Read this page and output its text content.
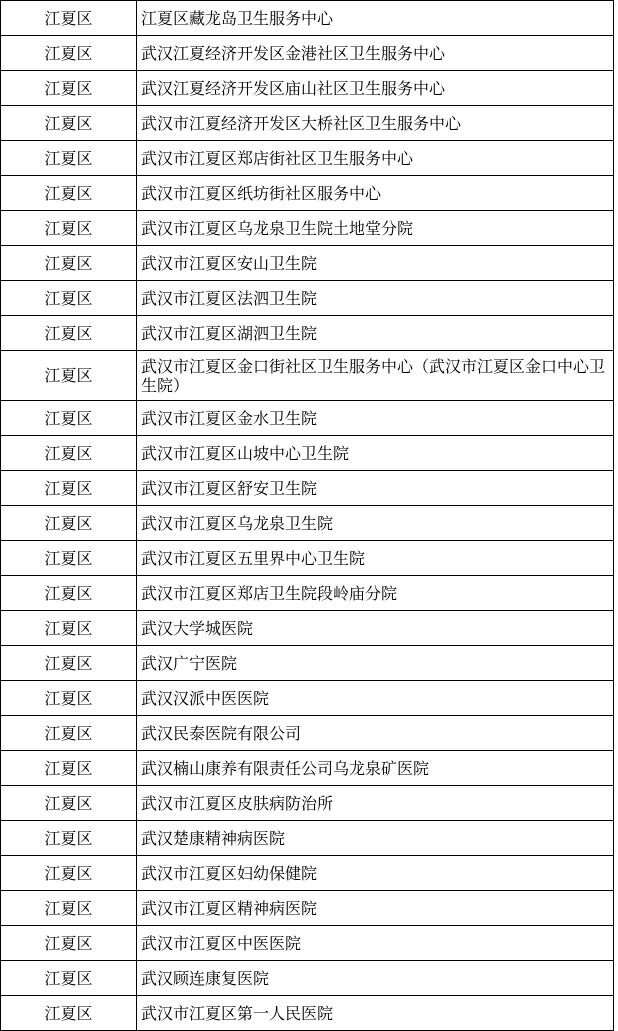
江夏区	江夏区藏龙岛卫生服务中心
江夏区	武汉江夏经济开发区金港社区卫生服务中心
江夏区	武汉江夏经济开发区庙山社区卫生服务中心
江夏区	武汉市江夏经济开发区大桥社区卫生服务中心
江夏区	武汉市江夏区郑店街社区卫生服务中心
江夏区	武汉市江夏区纸坊街社区服务中心
江夏区	武汉市江夏区乌龙泉卫生院土地堂分院
江夏区	武汉市江夏区安山卫生院
江夏区	武汉市江夏区法泗卫生院
江夏区	武汉市江夏区湖泗卫生院
江夏区	武汉市江夏区金口街社区卫生服务中心（武汉市江夏区金口中心卫生院）
江夏区	武汉市江夏区金水卫生院
江夏区	武汉市江夏区山坡中心卫生院
江夏区	武汉市江夏区舒安卫生院
江夏区	武汉市江夏区乌龙泉卫生院
江夏区	武汉市江夏区五里界中心卫生院
江夏区	武汉市江夏区郑店卫生院段岭庙分院
江夏区	武汉大学城医院
江夏区	武汉广宁医院
江夏区	武汉汉派中医医院
江夏区	武汉民泰医院有限公司
江夏区	武汉楠山康养有限责任公司乌龙泉矿医院
江夏区	武汉市江夏区皮肤病防治所
江夏区	武汉楚康精神病医院
江夏区	武汉市江夏区妇幼保健院
江夏区	武汉市江夏区精神病医院
江夏区	武汉市江夏区中医医院
江夏区	武汉顾连康复医院
江夏区	武汉市江夏区第一人民医院
